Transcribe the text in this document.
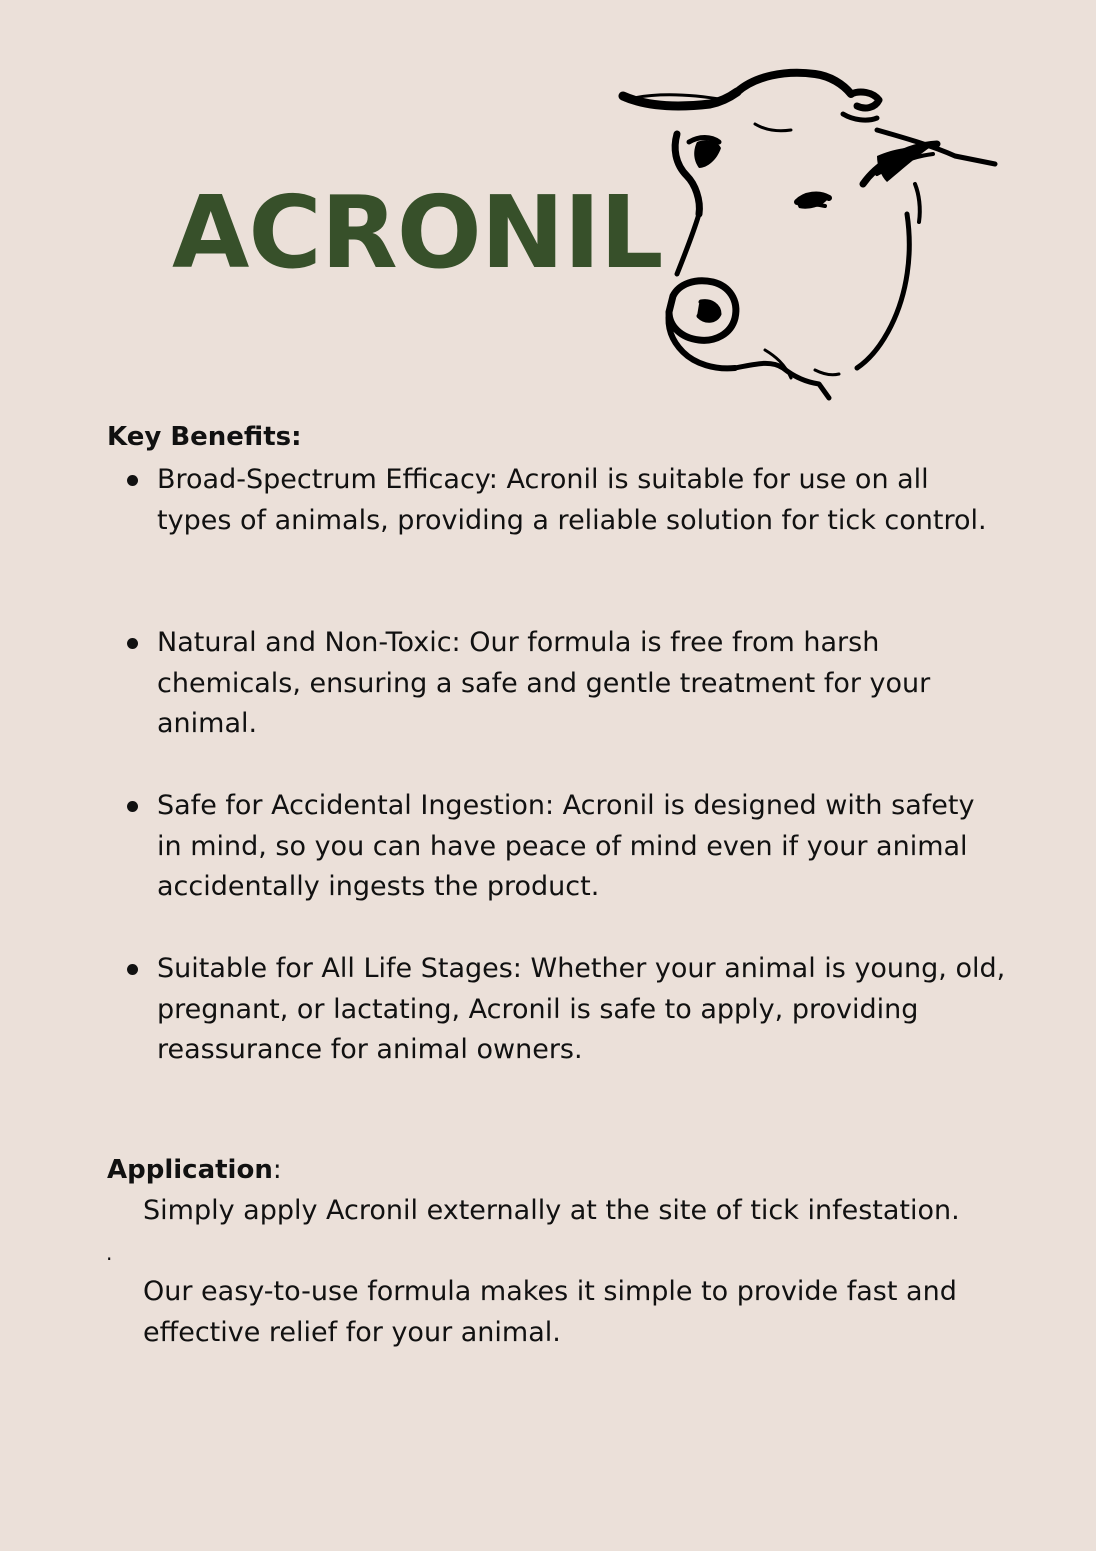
ACRONIL
Key Benefits:

Broad-Spectrum Efficacy: Acronil is suitable for use on all types of animals, providing a reliable solution for tick control.

Natural and Non-Toxic: Our formula is free from harsh chemicals, ensuring a safe and gentle treatment for your animal.

Safe for Accidental Ingestion: Acronil is designed with safety in mind, so you can have peace of mind even if your animal accidentally ingests the product.

Suitable for All Life Stages: Whether your animal is young, old, pregnant, or lactating, Acronil is safe to apply, providing reassurance for animal owners.

Application:

Simply apply Acronil externally at the site of tick infestation.

.

Our easy-to-use formula makes it simple to provide fast and effective relief for your animal.
